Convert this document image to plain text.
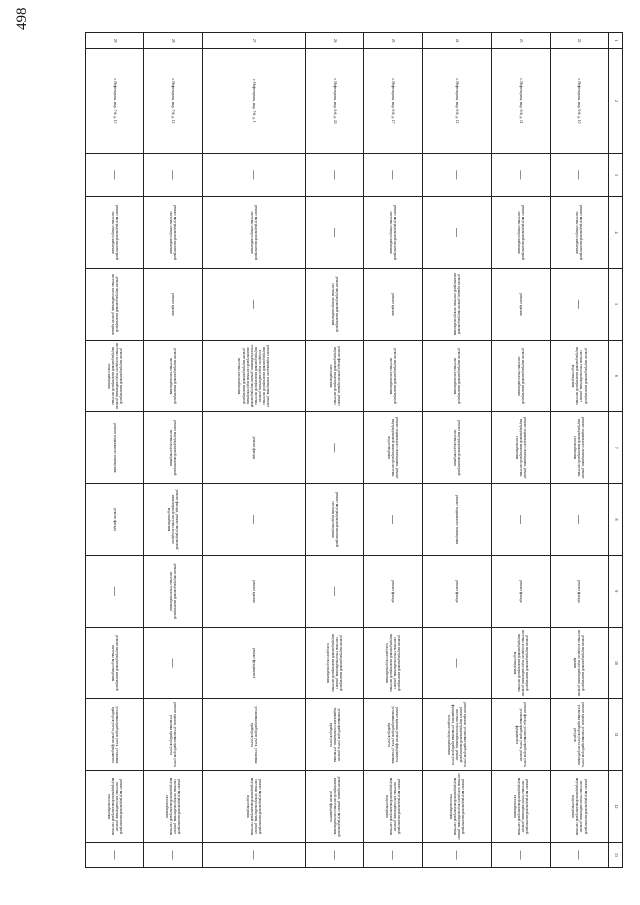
498
1	2	3	4	5	6	7	8	9	10	11	12	13
22	г. Нефтекумск, мкр. 6-й, д. 10	—	ремонт внутридомовой инженерной системы электроснабжения	—	ремонт внутридомовой инженерной системы теплоснабжения, ремонт внутридомовой инженерной системы водоотведения	ремонт подвального помещения, ремонт внутридомовой инженерной системы газоснабжения	—	ремонт фасада	ремонт внутридомовой инженерной системы холодного водоснабжения, ремонт крыши	ремонт крыши, установка приборов учета, установка приборов учета потребления ресурсов	ремонт внутридомовой инженерной системы теплоснабжения, ремонт внутридомовой инженерной системы водоотведения	—
23	г. Нефтекумск, мкр. 6-й, д. 11	—	ремонт внутридомовой инженерной системы электроснабжения	ремонт крыши	ремонт внутридомовой инженерной системы теплоснабжения	ремонт подвального помещения, ремонт внутридомовой инженерной системы газоснабжения	—	ремонт фасада	ремонт внутридомовой инженерной системы холодного водоснабжения, ремонт внутридомовой инженерной системы водоотведения	ремонт фасада, установка приборов учета, установка приборов учета, ремонт фундамента	ремонт внутридомовой инженерной системы теплоснабжения, ремонт внутридомовой инженерной системы газоснабжения	—
24	г. Нефтекумск, мкр. 6-й, д. 12	—	—	ремонт крыши, ремонт внутридомовой инженерной системы электроснабжения	ремонт внутридомовой инженерной системы газоснабжения	ремонт внутридомовой инженерной системы водоотведения	ремонт подвального помещения	ремонт фасада	—	ремонт крыши, установка приборов учета, ремонт внутридомовой инженерной системы теплоснабжения, ремонт фундамента, установка приборов учета холодного водоснабжения	ремонт внутридомовой инженерной системы холодного водоснабжения, ремонт внутридомовой инженерной системы теплоснабжения	—
25	г. Нефтекумск, мкр. 6-й, д. 17	—	ремонт внутридомовой инженерной системы электроснабжения	ремонт крыши	ремонт внутридомовой инженерной системы газоснабжения	ремонт подвального помещения, ремонт внутридомовой инженерной системы водоотведения	—	ремонт фасада	ремонт внутридомовой инженерной системы теплоснабжения, ремонт внутридомовой инженерной системы холодного водоснабжения	ремонт крыши, ремонт фундамента, установка приборов учета, установка приборов учета	ремонт внутридомовой инженерной системы газоснабжения, ремонт внутридомовой инженерной системы водоотведения	—
26	г. Нефтекумск, мкр. 6-й, д. 20	—	—	ремонт внутридомовой инженерной системы электроснабжения	ремонт фасада, ремонт крыши, ремонт внутридомовой инженерной системы газоснабжения	—	ремонт внутридомовой инженерной системы водоотведения	—	ремонт внутридомовой инженерной системы теплоснабжения, ремонт внутридомовой инженерной системы холодного водоснабжения	установка приборов учета, ремонт подвального помещения, установка приборов учета	ремонт крыши, ремонт внутридомовой инженерной системы газоснабжения, ремонт фундамента	—
27	г. Нефтекумск, мкр. 7-й, д. 1	—	ремонт внутридомовой инженерной системы электроснабжения	—	ремонт подвального помещения, ремонт внутридомовой инженерной системы холодного водоснабжения, ремонт внутридомовой инженерной системы теплоснабжения, ремонт внутридомовой инженерной системы водоотведения, ремонт внутридомовой инженерной системы газоснабжения	ремонт фасада	—	ремонт крыши	ремонт фундамента	установка приборов учета, установка приборов учета	ремонт внутридомовой инженерной системы электроснабжения, ремонт внутридомовой инженерной системы водоотведения	—
28	г. Нефтекумск, мкр. 7-й, д. 12	—	ремонт внутридомовой инженерной системы электроснабжения	ремонт крыши	ремонт внутридомовой инженерной системы газоснабжения	ремонт внутридомовой инженерной системы водоотведения	ремонт фасада, ремонт внутридомовой инженерной системы холодного водоснабжения	ремонт внутридомовой инженерной системы теплоснабжения	—	ремонт крыши, установка приборов учета, установка приборов учета	ремонт внутридомовой инженерной системы электроснабжения, ремонт внутридомовой инженерной системы газоснабжения	—
29	г. Нефтекумск, мкр. 7-й, д. 13	—	ремонт внутридомовой инженерной системы электроснабжения	ремонт внутридомовой инженерной системы газоснабжения, ремонт крыши	ремонт внутридомовой инженерной системы холодного водоснабжения, ремонт внутридомовой инженерной системы теплоснабжения	ремонт подвального помещения	ремонт фасада	—	ремонт внутридомовой инженерной системы водоотведения	установка приборов учета, установка приборов учета, ремонт фундамента	ремонт внутридомовой инженерной системы газоснабжения, ремонт внутридомовой инженерной системы теплоснабжения	—
